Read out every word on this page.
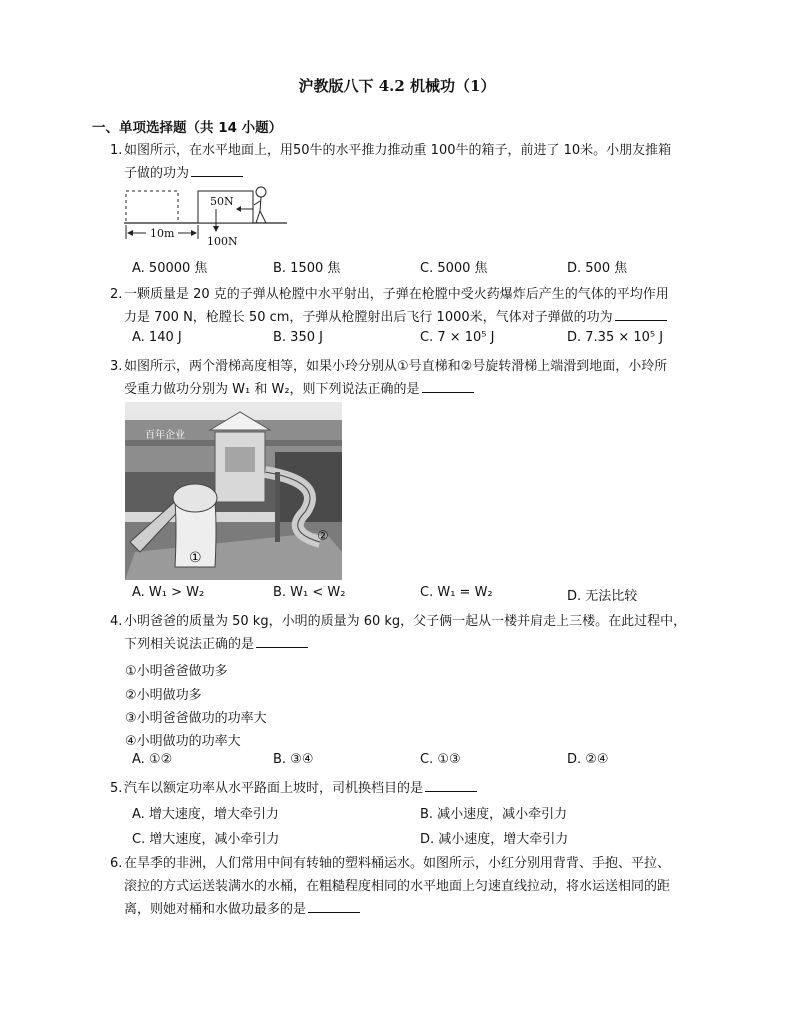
沪教版八下 4.2 机械功（1）
一、单项选择题（共 14 小题）
1. 如图所示，在水平地面上，用50牛的水平推力推动重 100牛的箱子，前进了 10米。小朋友推箱
子做的功为
50N
100N
10m
A. 50000 焦	B. 1500 焦	C. 5000 焦	D. 500 焦
2. 一颗质量是 20 克的子弹从枪膛中水平射出，子弹在枪膛中受火药爆炸后产生的气体的平均作用
力是 700 N，枪膛长 50 cm，子弹从枪膛射出后飞行 1000米，气体对子弹做的功为
A. 140 J	B. 350 J	C. 7 × 10⁵ J	D. 7.35 × 10⁵ J
3. 如图所示，两个滑梯高度相等，如果小玲分别从①号直梯和②号旋转滑梯上端滑到地面，小玲所
受重力做功分别为 W₁ 和 W₂，则下列说法正确的是
百年企业
①
②
A. W₁ > W₂	B. W₁ < W₂	C. W₁ = W₂	D. 无法比较
4. 小明爸爸的质量为 50 kg，小明的质量为 60 kg，父子俩一起从一楼并肩走上三楼。在此过程中，
下列相关说法正确的是
①小明爸爸做功多
②小明做功多
③小明爸爸做功的功率大
④小明做功的功率大
A. ①②	B. ③④	C. ①③	D. ②④
5. 汽车以额定功率从水平路面上坡时，司机换档目的是
A. 增大速度，增大牵引力	B. 减小速度，减小牵引力
C. 增大速度，减小牵引力	D. 减小速度，增大牵引力
6. 在旱季的非洲，人们常用中间有转轴的塑料桶运水。如图所示，小红分别用背背、手抱、平拉、
滚拉的方式运送装满水的水桶，在粗糙程度相同的水平地面上匀速直线拉动，将水运送相同的距
离，则她对桶和水做功最多的是
